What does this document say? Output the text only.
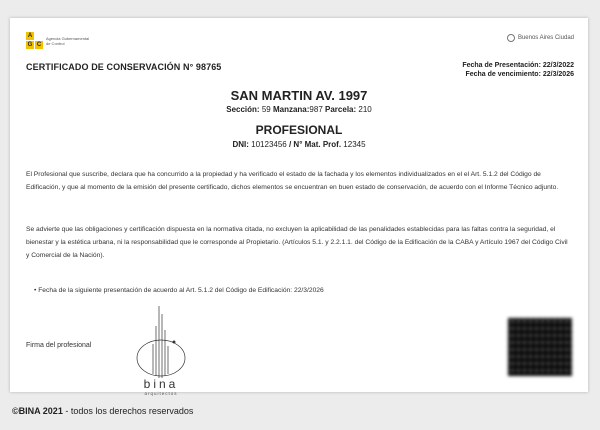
A
G C
Agencia Gubernamental de Control
Buenos Aires Ciudad
CERTIFICADO DE CONSERVACIÓN N° 98765	Fecha de Presentación: 22/3/2022
Fecha de vencimiento: 22/3/2026
SAN MARTIN AV. 1997
Sección: 59 Manzana:987 Parcela: 210
PROFESIONAL
DNI: 10123456 / N° Mat. Prof. 12345
El Profesional que suscribe, declara que ha concurrido a la propiedad y ha verificado el estado de la fachada y los elementos individualizados en el el Art. 5.1.2 del Código de Edificación, y que al momento de la emisión del presente certificado, dichos elementos se encuentran en buen estado de conservación, de acuerdo con el Informe Técnico adjunto.
Se advierte que las obligaciones y certificación dispuesta en la normativa citada, no excluyen la aplicabilidad de las penalidades establecidas para las faltas contra la seguridad, el bienestar y la estética urbana, ni la responsabilidad que le corresponde al Propietario. (Artículos 5.1. y 2.2.1.1. del Código de la Edificación de la CABA y Artículo 1967 del Código Civil y Comercial de la Nación).
• Fecha de la siguiente presentación de acuerdo al Art. 5.1.2 del Código de Edificación: 22/3/2026
Firma del profesional
bina
arquitectos
©BINA 2021 - todos los derechos reservados
